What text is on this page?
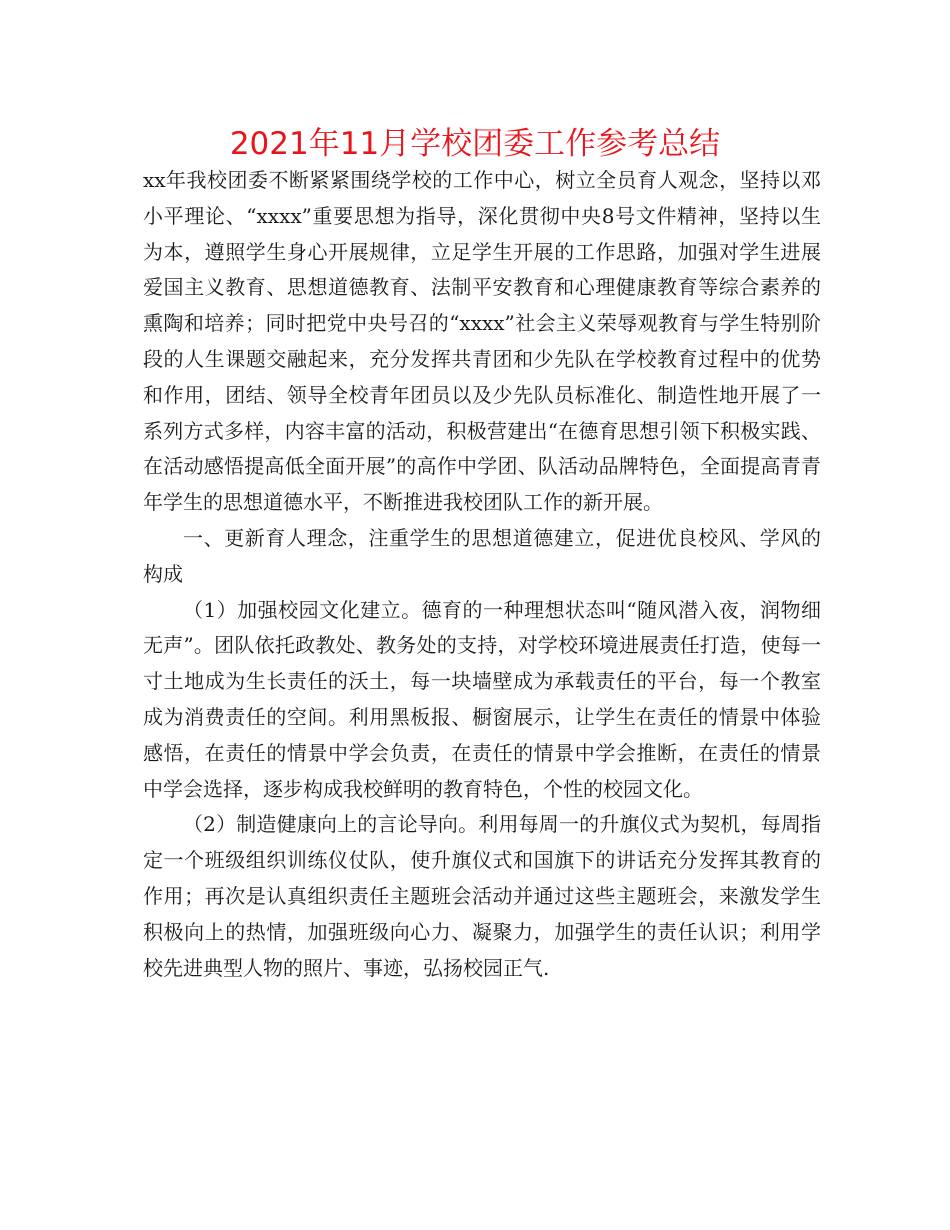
2021年11月学校团委工作参考总结

xx年我校团委不断紧紧围绕学校的工作中心，树立全员育人观念，坚持以邓小平理论、“xxxx”重要思想为指导，深化贯彻中央8号文件精神，坚持以生为本，遵照学生身心开展规律，立足学生开展的工作思路，加强对学生进展爱国主义教育、思想道德教育、法制平安教育和心理健康教育等综合素养的熏陶和培养；同时把党中央号召的“xxxx”社会主义荣辱观教育与学生特别阶段的人生课题交融起来，充分发挥共青团和少先队在学校教育过程中的优势和作用，团结、领导全校青年团员以及少先队员标准化、制造性地开展了一系列方式多样，内容丰富的活动，积极营建出“在德育思想引领下积极实践、在活动感悟提高低全面开展”的高作中学团、队活动品牌特色，全面提高青青年学生的思想道德水平，不断推进我校团队工作的新开展。

一、更新育人理念，注重学生的思想道德建立，促进优良校风、学风的构成

（1）加强校园文化建立。德育的一种理想状态叫“随风潜入夜，润物细无声”。团队依托政教处、教务处的支持，对学校环境进展责任打造，使每一寸土地成为生长责任的沃土，每一块墙壁成为承载责任的平台，每一个教室成为消费责任的空间。利用黑板报、橱窗展示，让学生在责任的情景中体验感悟，在责任的情景中学会负责，在责任的情景中学会推断，在责任的情景中学会选择，逐步构成我校鲜明的教育特色，个性的校园文化。

（2）制造健康向上的言论导向。利用每周一的升旗仪式为契机，每周指定一个班级组织训练仪仗队，使升旗仪式和国旗下的讲话充分发挥其教育的作用；再次是认真组织责任主题班会活动并通过这些主题班会，来激发学生积极向上的热情，加强班级向心力、凝聚力，加强学生的责任认识；利用学校先进典型人物的照片、事迹，弘扬校园正气.
